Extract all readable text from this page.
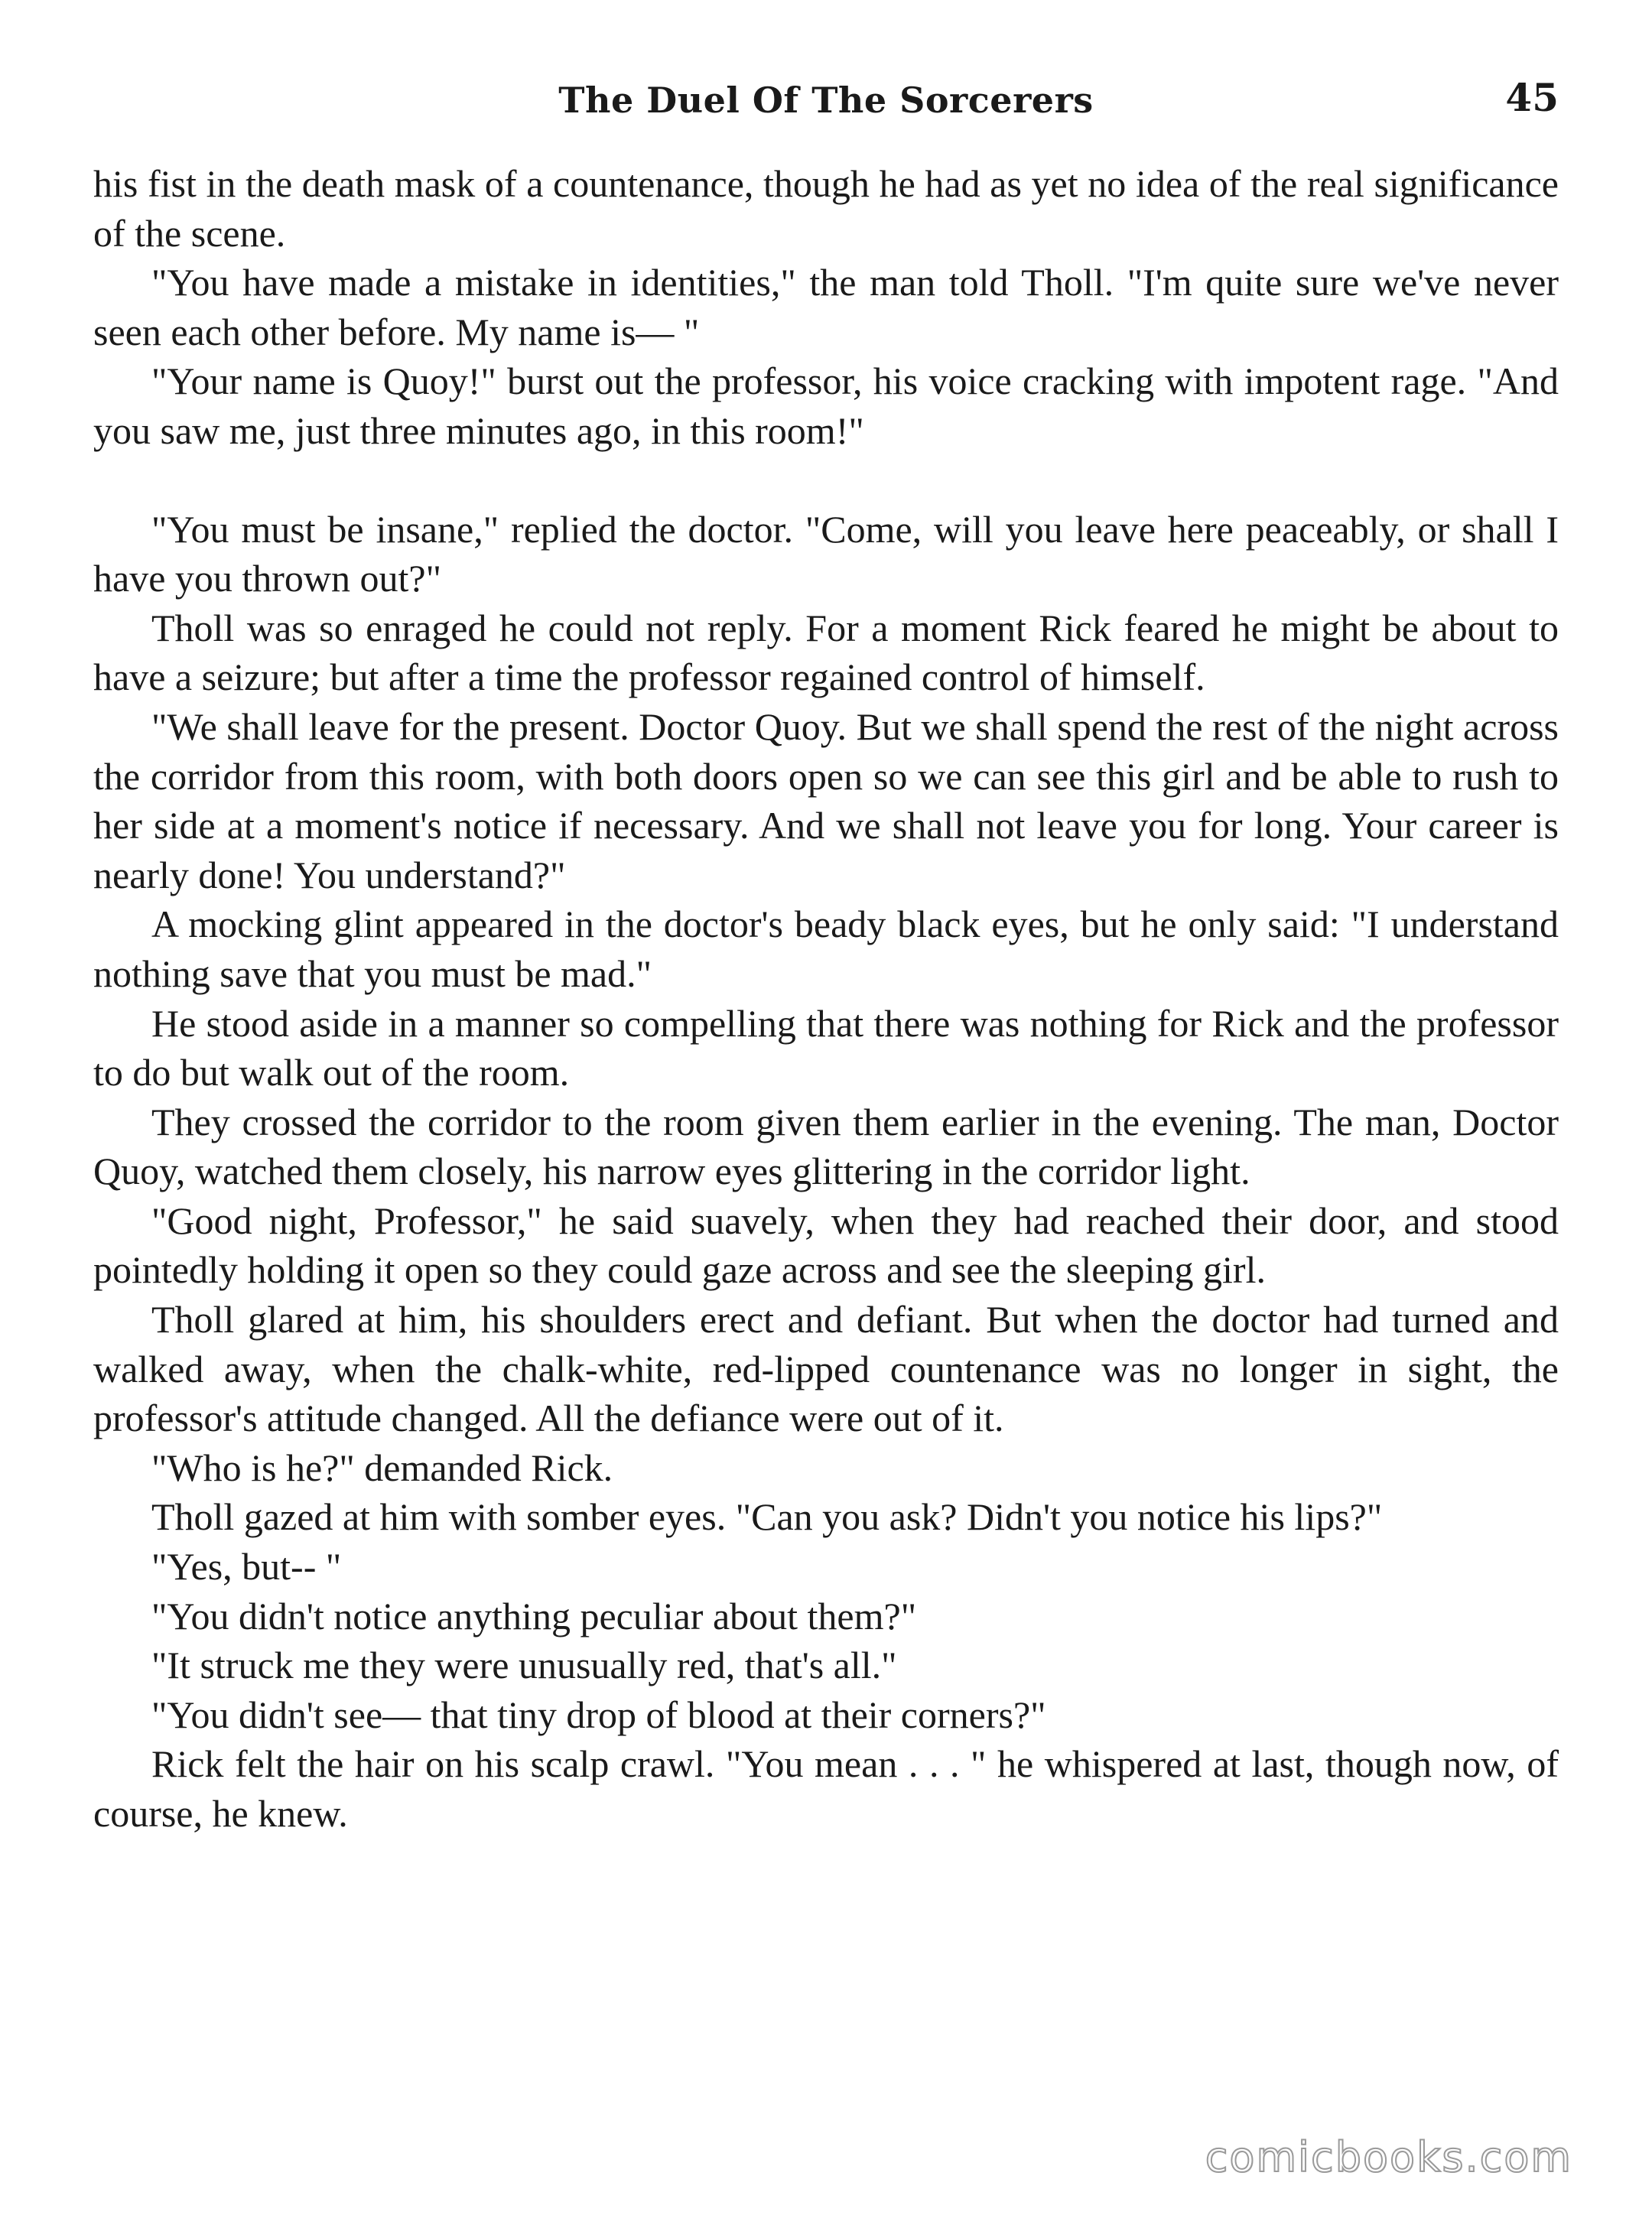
The Duel Of The Sorcerers	45

his fist in the death mask of a countenance, though he had as yet no idea of the real significance of the scene.

"You have made a mistake in identities," the man told Tholl. "I'm quite sure we've never seen each other before. My name is— "

"Your name is Quoy!" burst out the professor, his voice cracking with impotent rage. "And you saw me, just three minutes ago, in this room!"

"You must be insane," replied the doctor. "Come, will you leave here peaceably, or shall I have you thrown out?"

Tholl was so enraged he could not reply. For a moment Rick feared he might be about to have a seizure; but after a time the professor regained control of himself.

"We shall leave for the present. Doctor Quoy. But we shall spend the rest of the night across the corridor from this room, with both doors open so we can see this girl and be able to rush to her side at a moment's notice if necessary. And we shall not leave you for long. Your career is nearly done! You understand?"

A mocking glint appeared in the doctor's beady black eyes, but he only said: "I understand nothing save that you must be mad."

He stood aside in a manner so compelling that there was nothing for Rick and the professor to do but walk out of the room.

They crossed the corridor to the room given them earlier in the evening. The man, Doctor Quoy, watched them closely, his narrow eyes glittering in the corridor light.

"Good night, Professor," he said suavely, when they had reached their door, and stood pointedly holding it open so they could gaze across and see the sleeping girl.

Tholl glared at him, his shoulders erect and defiant. But when the doctor had turned and walked away, when the chalk-white, red-lipped countenance was no longer in sight, the professor's attitude changed. All the defiance were out of it.

"Who is he?" demanded Rick.

Tholl gazed at him with somber eyes. "Can you ask? Didn't you notice his lips?"

"Yes, but-- "

"You didn't notice anything peculiar about them?"

"It struck me they were unusually red, that's all."

"You didn't see— that tiny drop of blood at their corners?"

Rick felt the hair on his scalp crawl. "You mean . . . " he whispered at last, though now, of course, he knew.

comicbooks.com
